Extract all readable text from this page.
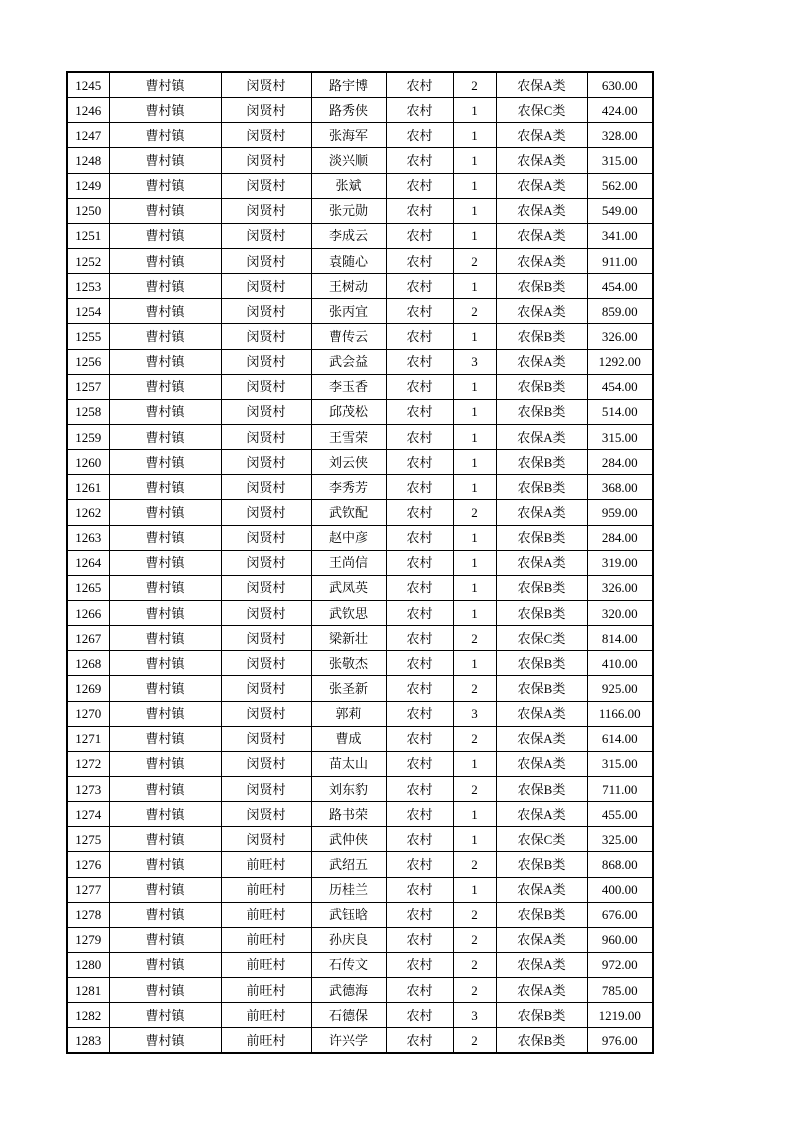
1245	曹村镇	闵贤村	路宇博	农村	2	农保A类	630.00
1246	曹村镇	闵贤村	路秀侠	农村	1	农保C类	424.00
1247	曹村镇	闵贤村	张海军	农村	1	农保A类	328.00
1248	曹村镇	闵贤村	淡兴顺	农村	1	农保A类	315.00
1249	曹村镇	闵贤村	张斌	农村	1	农保A类	562.00
1250	曹村镇	闵贤村	张元勋	农村	1	农保A类	549.00
1251	曹村镇	闵贤村	李成云	农村	1	农保A类	341.00
1252	曹村镇	闵贤村	袁随心	农村	2	农保A类	911.00
1253	曹村镇	闵贤村	王树动	农村	1	农保B类	454.00
1254	曹村镇	闵贤村	张丙宜	农村	2	农保A类	859.00
1255	曹村镇	闵贤村	曹传云	农村	1	农保B类	326.00
1256	曹村镇	闵贤村	武会益	农村	3	农保A类	1292.00
1257	曹村镇	闵贤村	李玉香	农村	1	农保B类	454.00
1258	曹村镇	闵贤村	邱茂松	农村	1	农保B类	514.00
1259	曹村镇	闵贤村	王雪荣	农村	1	农保A类	315.00
1260	曹村镇	闵贤村	刘云侠	农村	1	农保B类	284.00
1261	曹村镇	闵贤村	李秀芳	农村	1	农保B类	368.00
1262	曹村镇	闵贤村	武钦配	农村	2	农保A类	959.00
1263	曹村镇	闵贤村	赵中彦	农村	1	农保B类	284.00
1264	曹村镇	闵贤村	王尚信	农村	1	农保A类	319.00
1265	曹村镇	闵贤村	武凤英	农村	1	农保B类	326.00
1266	曹村镇	闵贤村	武钦思	农村	1	农保B类	320.00
1267	曹村镇	闵贤村	梁新壮	农村	2	农保C类	814.00
1268	曹村镇	闵贤村	张敬杰	农村	1	农保B类	410.00
1269	曹村镇	闵贤村	张圣新	农村	2	农保B类	925.00
1270	曹村镇	闵贤村	郭莉	农村	3	农保A类	1166.00
1271	曹村镇	闵贤村	曹成	农村	2	农保A类	614.00
1272	曹村镇	闵贤村	苗太山	农村	1	农保A类	315.00
1273	曹村镇	闵贤村	刘东豹	农村	2	农保B类	711.00
1274	曹村镇	闵贤村	路书荣	农村	1	农保A类	455.00
1275	曹村镇	闵贤村	武仲侠	农村	1	农保C类	325.00
1276	曹村镇	前旺村	武绍五	农村	2	农保B类	868.00
1277	曹村镇	前旺村	历桂兰	农村	1	农保A类	400.00
1278	曹村镇	前旺村	武钰晗	农村	2	农保B类	676.00
1279	曹村镇	前旺村	孙庆良	农村	2	农保A类	960.00
1280	曹村镇	前旺村	石传文	农村	2	农保A类	972.00
1281	曹村镇	前旺村	武德海	农村	2	农保A类	785.00
1282	曹村镇	前旺村	石德保	农村	3	农保B类	1219.00
1283	曹村镇	前旺村	许兴学	农村	2	农保B类	976.00
